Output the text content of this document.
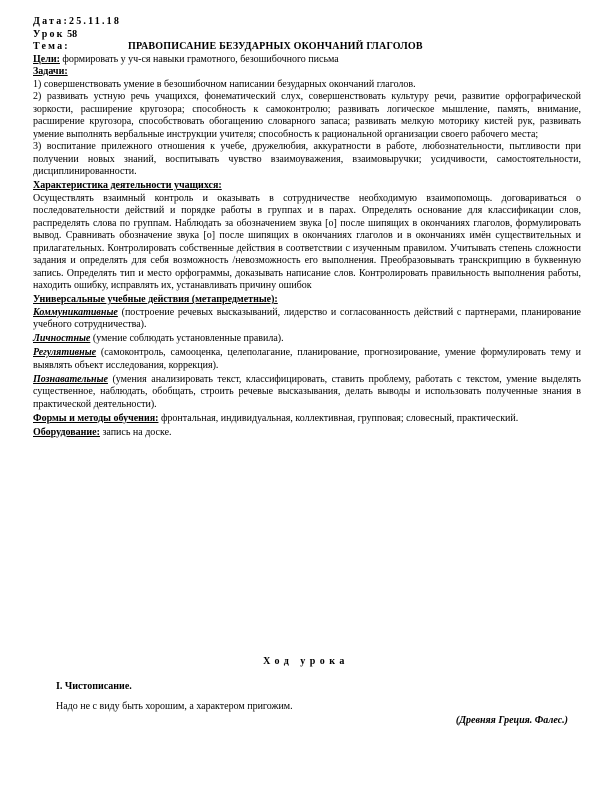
Дата: 25.11.18
Урок
58
Тема:	ПРАВОПИСАНИЕ БЕЗУДАРНЫХ ОКОНЧАНИЙ ГЛАГОЛОВ

Цели: формировать у уч-ся навыки грамотного, безошибочного письма

Задачи:

1) совершенствовать умение в безошибочном написании безударных окончаний глаголов.

2) развивать устную речь учащихся, фонематический слух, совершенствовать культуру речи, развитие орфографической зоркости, расширение кругозора; способность к самоконтролю; развивать логическое мышление, память, внимание, расширение кругозора, способствовать обогащению словарного запаса; развивать мелкую моторику кистей рук, развивать умение выполнять вербальные инструкции учителя; способность к рациональной организации своего рабочего места;

3) воспитание прилежного отношения к учебе, дружелюбия, аккуратности в работе, любознательности, пытливости при получении новых знаний, воспитывать чувство взаимоуважения, взаимовыручки; усидчивости, самостоятельности, дисциплинированности.

Характеристика деятельности учащихся:

Осуществлять взаимный контроль и оказывать в сотрудничестве необходимую взаимопомощь. договариваться о последовательности действий и порядке работы в группах и в парах. Определять основание для классификации слов, распределять слова по группам. Наблюдать за обозначением звука [о] после шипящих в окончаниях глаголов, формулировать вывод. Сравнивать обозначение звука [о] после шипящих в окончаниях глаголов и в окончаниях имён существительных и прилагательных. Контролировать собственные действия в соответствии с изученным правилом. Учитывать степень сложности задания и определять для себя возможность /невозможность его выполнения. Преобразовывать транскрипцию в буквенную запись. Определять тип и место орфограммы, доказывать написание слов. Контролировать правильность выполнения работы, находить ошибку, исправлять их, устанавливать причину ошибок

Универсальные учебные действия (метапредметные):

Коммуникативные (построение речевых высказываний, лидерство и согласованность действий с партнерами, планирование учебного сотрудничества).

Личностные (умение соблюдать установленные правила).

Регулятивные (самоконтроль, самооценка, целеполагание, планирование, прогнозирование, умение формулировать тему и выявлять объект исследования, коррекция).

Познавательные (умения анализировать текст, классифицировать, ставить проблему, работать с текстом, умение выделять существенное, наблюдать, обобщать, строить речевые высказывания, делать выводы и использовать полученные знания в практической деятельности).

Формы и методы обучения: фронтальная, индивидуальная, коллективная, групповая; словесный, практический.

Оборудование: запись на доске.

Ход урока
I. Чистописание.
Надо не с виду быть хорошим, а характером пригожим.
(Древняя Греция. Фалес.)
